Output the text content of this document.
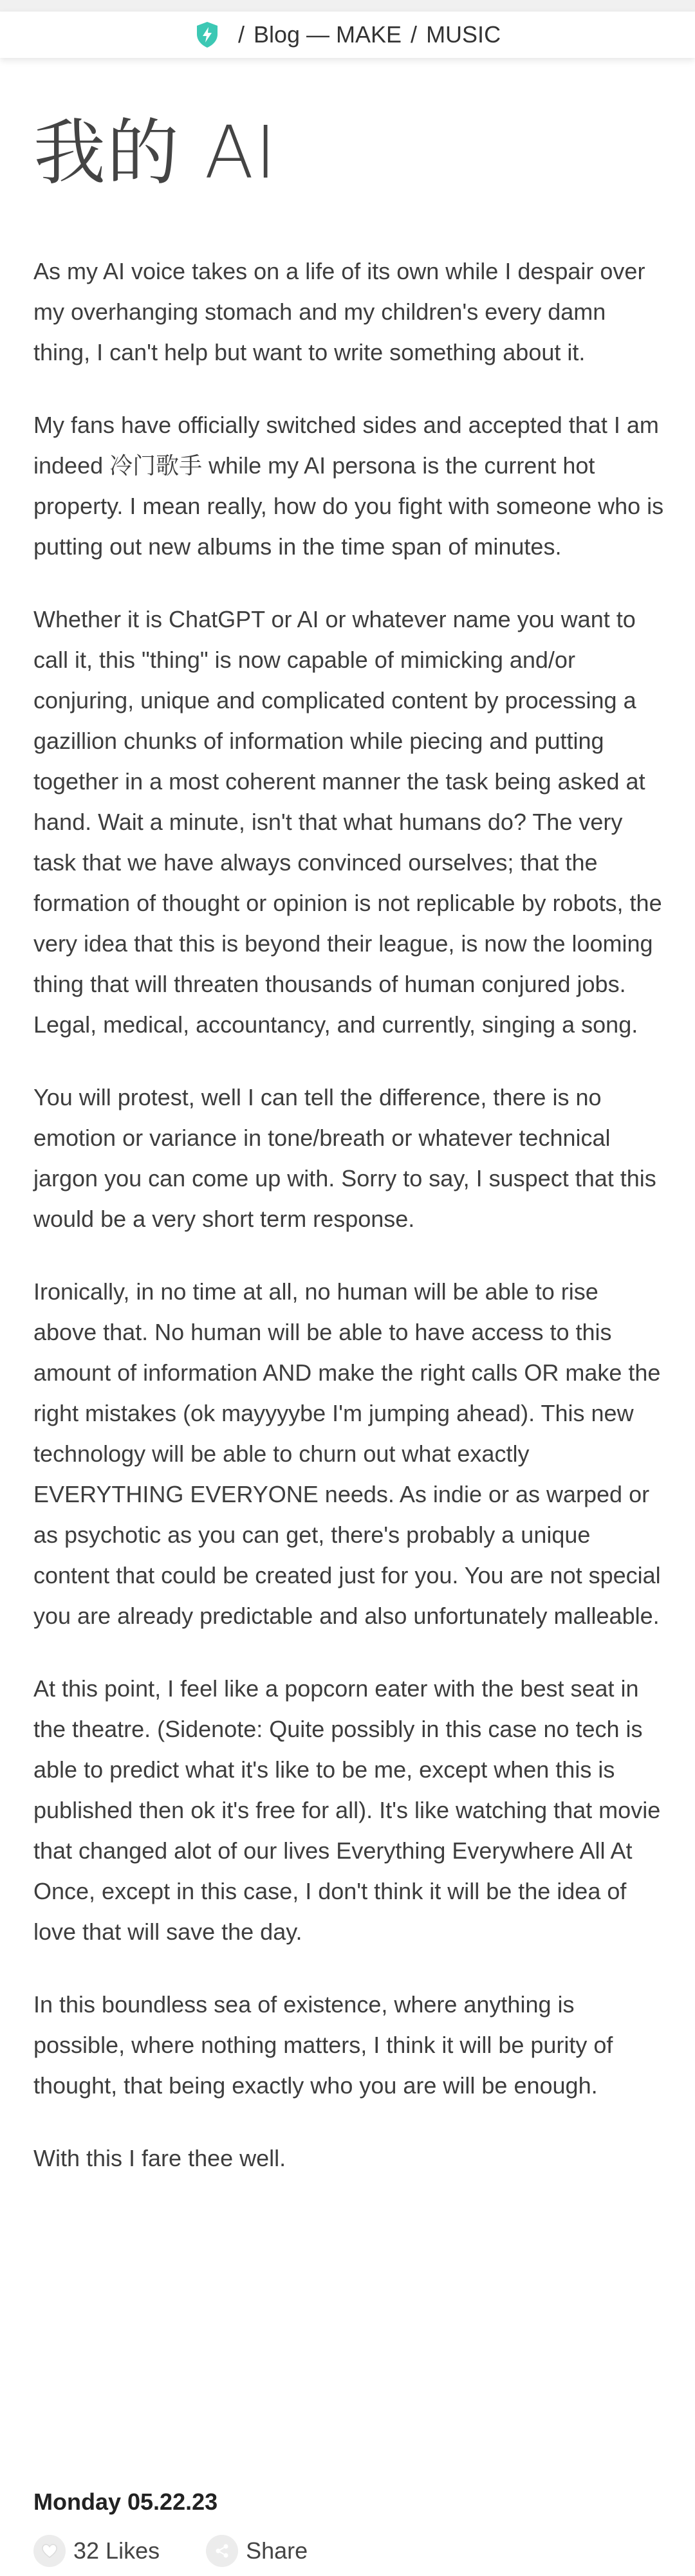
/ Blog — MAKE / MUSIC
我的 AI

As my AI voice takes on a life of its own while I despair over my overhanging stomach and my children's every damn thing, I can't help but want to write something about it.

My fans have officially switched sides and accepted that I am indeed 冷门歌手 while my AI persona is the current hot property. I mean really, how do you fight with someone who is putting out new albums in the time span of minutes.

Whether it is ChatGPT or AI or whatever name you want to call it, this "thing" is now capable of mimicking and/or conjuring, unique and complicated content by processing a gazillion chunks of information while piecing and putting together in a most coherent manner the task being asked at hand. Wait a minute, isn't that what humans do? The very task that we have always convinced ourselves; that the formation of thought or opinion is not replicable by robots, the very idea that this is beyond their league, is now the looming thing that will threaten thousands of human conjured jobs. Legal, medical, accountancy, and currently, singing a song.

You will protest, well I can tell the difference, there is no emotion or variance in tone/breath or whatever technical jargon you can come up with. Sorry to say, I suspect that this would be a very short term response.

Ironically, in no time at all, no human will be able to rise above that. No human will be able to have access to this amount of information AND make the right calls OR make the right mistakes (ok mayyyybe I'm jumping ahead). This new technology will be able to churn out what exactly EVERYTHING EVERYONE needs. As indie or as warped or as psychotic as you can get, there's probably a unique content that could be created just for you. You are not special you are already predictable and also unfortunately malleable.

At this point, I feel like a popcorn eater with the best seat in the theatre. (Sidenote: Quite possibly in this case no tech is able to predict what it's like to be me, except when this is published then ok it's free for all). It's like watching that movie that changed alot of our lives Everything Everywhere All At Once, except in this case, I don't think it will be the idea of love that will save the day.

In this boundless sea of existence, where anything is possible, where nothing matters, I think it will be purity of thought, that being exactly who you are will be enough.

With this I fare thee well.

Monday 05.22.23
32 Likes	Share
